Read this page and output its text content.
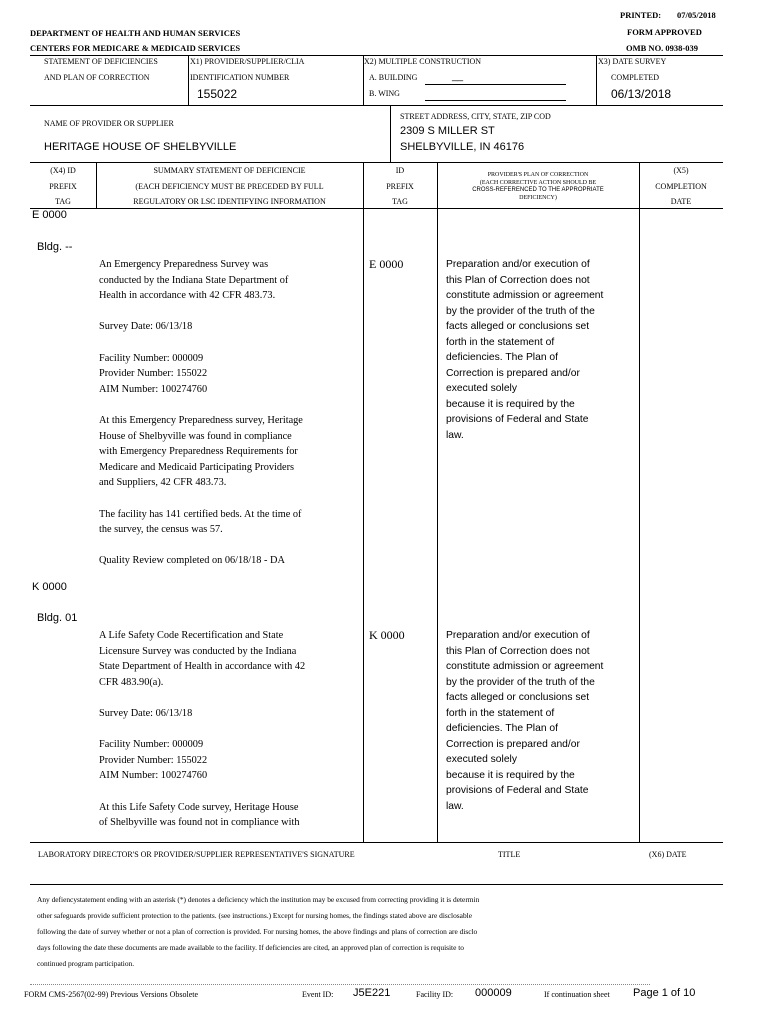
PRINTED: 07/05/2018
DEPARTMENT OF HEALTH AND HUMAN SERVICES	FORM APPROVED
CENTERS FOR MEDICARE & MEDICAID SERVICES	OMB NO. 0938-039
STATEMENT OF DEFICIENCIES
AND PLAN OF CORRECTION
X1) PROVIDER/SUPPLIER/CLIA
IDENTIFICATION NUMBER
155022
X2) MULTIPLE CONSTRUCTION
A. BUILDING	__
B. WING
X3) DATE SURVEY
COMPLETED
06/13/2018
NAME OF PROVIDER OR SUPPLIER
HERITAGE HOUSE OF SHELBYVILLE
STREET ADDRESS, CITY, STATE, ZIP COD
2309 S MILLER ST
SHELBYVILLE, IN 46176
(X4) ID
PREFIX
TAG
SUMMARY STATEMENT OF DEFICIENCIE
(EACH DEFICIENCY MUST BE PRECEDED BY FULL
REGULATORY OR LSC IDENTIFYING INFORMATION
ID
PREFIX
TAG
PROVIDER'S PLAN OF CORRECTION
(EACH CORRECTIVE ACTION SHOULD BE
CROSS-REFERENCED TO THE APPROPRIATE
DEFICIENCY)
(X5)
COMPLETION
DATE
E 0000
Bldg. --
An Emergency Preparedness Survey was
conducted by the Indiana State Department of
Health in accordance with 42 CFR 483.73.

Survey Date: 06/13/18

Facility Number: 000009
Provider Number: 155022
AIM Number: 100274760

At this Emergency Preparedness survey, Heritage
House of Shelbyville was found in compliance
with Emergency Preparedness Requirements for
Medicare and Medicaid Participating Providers
and Suppliers, 42 CFR 483.73.

The facility has 141 certified beds. At the time of
the survey, the census was 57.

Quality Review completed on 06/18/18 - DA
E 0000	Preparation and/or execution of
this Plan of Correction does not
constitute admission or agreement
by the provider of the truth of the
facts alleged or conclusions set
forth in the statement of
deficiencies. The Plan of
Correction is prepared and/or
executed solely
because it is required by the
provisions of Federal and State
law.
K 0000
Bldg. 01
A Life Safety Code Recertification and State
Licensure Survey was conducted by the Indiana
State Department of Health in accordance with 42
CFR 483.90(a).

Survey Date: 06/13/18

Facility Number: 000009
Provider Number: 155022
AIM Number: 100274760

At this Life Safety Code survey, Heritage House
of Shelbyville was found not in compliance with
K 0000	Preparation and/or execution of
this Plan of Correction does not
constitute admission or agreement
by the provider of the truth of the
facts alleged or conclusions set
forth in the statement of
deficiencies. The Plan of
Correction is prepared and/or
executed solely
because it is required by the
provisions of Federal and State
law.
LABORATORY DIRECTOR'S OR PROVIDER/SUPPLIER REPRESENTATIVE'S SIGNATURE	TITLE	(X6) DATE
Any defiencystatement ending with an asterisk (*) denotes a deficiency which the institution may be excused from correcting providing it is determin
other safeguards provide sufficient protection to the patients. (see instructions.) Except for nursing homes, the findings stated above are disclosable
following the date of survey whether or not a plan of correction is provided. For nursing homes, the above findings and plans of correction are disclo
days following the date these documents are made available to the facility. If deficiencies are cited, an approved plan of correction is requisite to
continued program participation.
FORM CMS-2567(02-99) Previous Versions Obsolete	Event ID: J5E221	Facility ID: 000009	If continuation sheet Page 1 of 10
